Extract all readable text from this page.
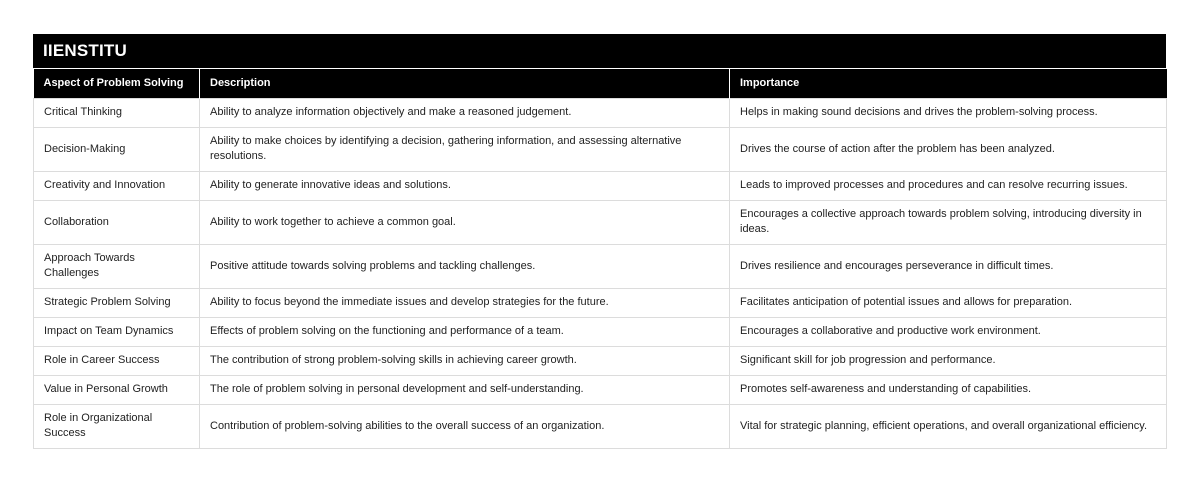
IIENSTITU
Aspect of Problem Solving	Description	Importance
Critical Thinking	Ability to analyze information objectively and make a reasoned judgement.	Helps in making sound decisions and drives the problem-solving process.
Decision-Making	Ability to make choices by identifying a decision, gathering information, and assessing alternative resolutions.	Drives the course of action after the problem has been analyzed.
Creativity and Innovation	Ability to generate innovative ideas and solutions.	Leads to improved processes and procedures and can resolve recurring issues.
Collaboration	Ability to work together to achieve a common goal.	Encourages a collective approach towards problem solving, introducing diversity in ideas.
Approach Towards Challenges	Positive attitude towards solving problems and tackling challenges.	Drives resilience and encourages perseverance in difficult times.
Strategic Problem Solving	Ability to focus beyond the immediate issues and develop strategies for the future.	Facilitates anticipation of potential issues and allows for preparation.
Impact on Team Dynamics	Effects of problem solving on the functioning and performance of a team.	Encourages a collaborative and productive work environment.
Role in Career Success	The contribution of strong problem-solving skills in achieving career growth.	Significant skill for job progression and performance.
Value in Personal Growth	The role of problem solving in personal development and self-understanding.	Promotes self-awareness and understanding of capabilities.
Role in Organizational Success	Contribution of problem-solving abilities to the overall success of an organization.	Vital for strategic planning, efficient operations, and overall organizational efficiency.
